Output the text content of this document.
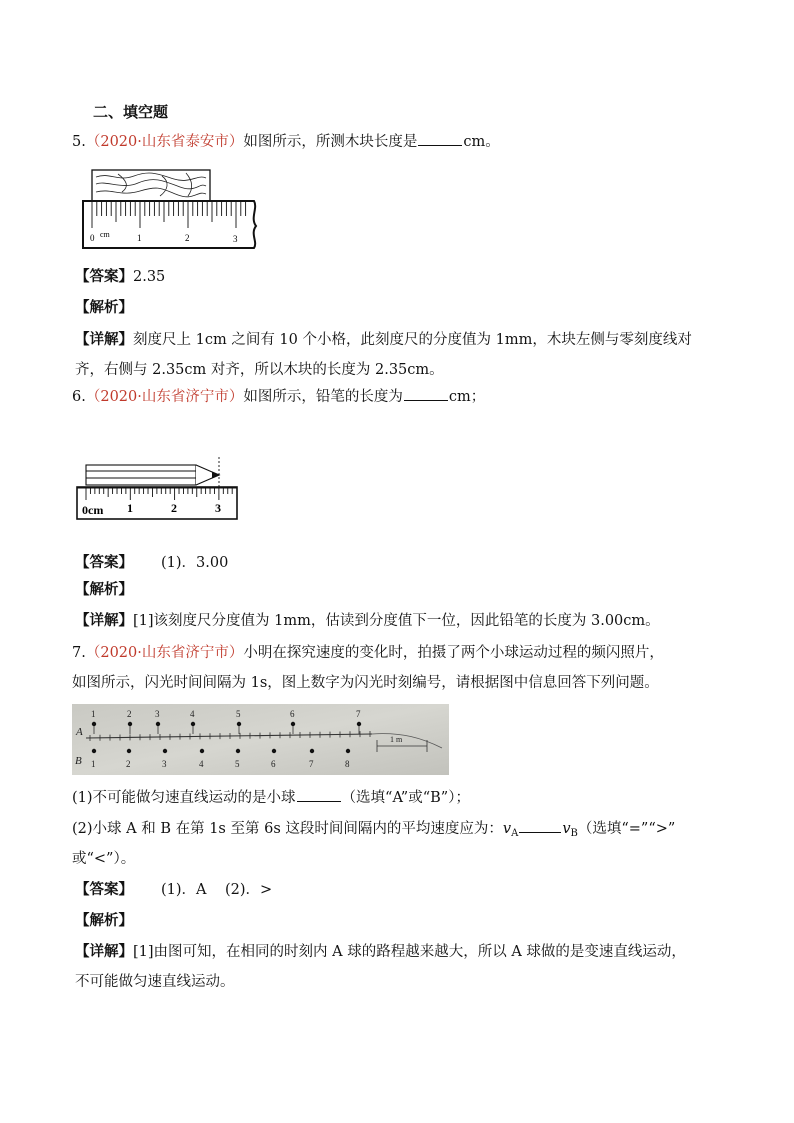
二、填空题
5.（2020·山东省泰安市）如图所示，所测木块长度是	cm。
0 cm	1	2	3
【答案】2.35
【解析】
【详解】刻度尺上 1cm 之间有 10 个小格，此刻度尺的分度值为 1mm，木块左侧与零刻度线对
齐，右侧与 2.35cm 对齐，所以木块的长度为 2.35cm。
6.（2020·山东省济宁市）如图所示，铅笔的长度为	cm；
0cm 1	2	3
【答案】 (1)．3.00
【解析】
【详解】[1]该刻度尺分度值为 1mm，估读到分度值下一位，因此铅笔的长度为 3.00cm。
7.（2020·山东省济宁市）小明在探究速度的变化时，拍摄了两个小球运动过程的频闪照片，
如图所示，闪光时间间隔为 1s，图上数字为闪光时刻编号，请根据图中信息回答下列问题。
A
B
1	2	3	4	5	6	7
1	2	3	4	5	6	7	8
1 m
(1)不可能做匀速直线运动的是小球	（选填“A”或“B”）；
(2)小球 A 和 B 在第 1s 至第 6s 这段时间间隔内的平均速度应为：$v_A$	$v_B$（选填“=”“>”
或“<”）。
【答案】 (1)．A    (2)．>
【解析】
【详解】[1]由图可知，在相同的时刻内 A 球的路程越来越大，所以 A 球做的是变速直线运动，
不可能做匀速直线运动。
